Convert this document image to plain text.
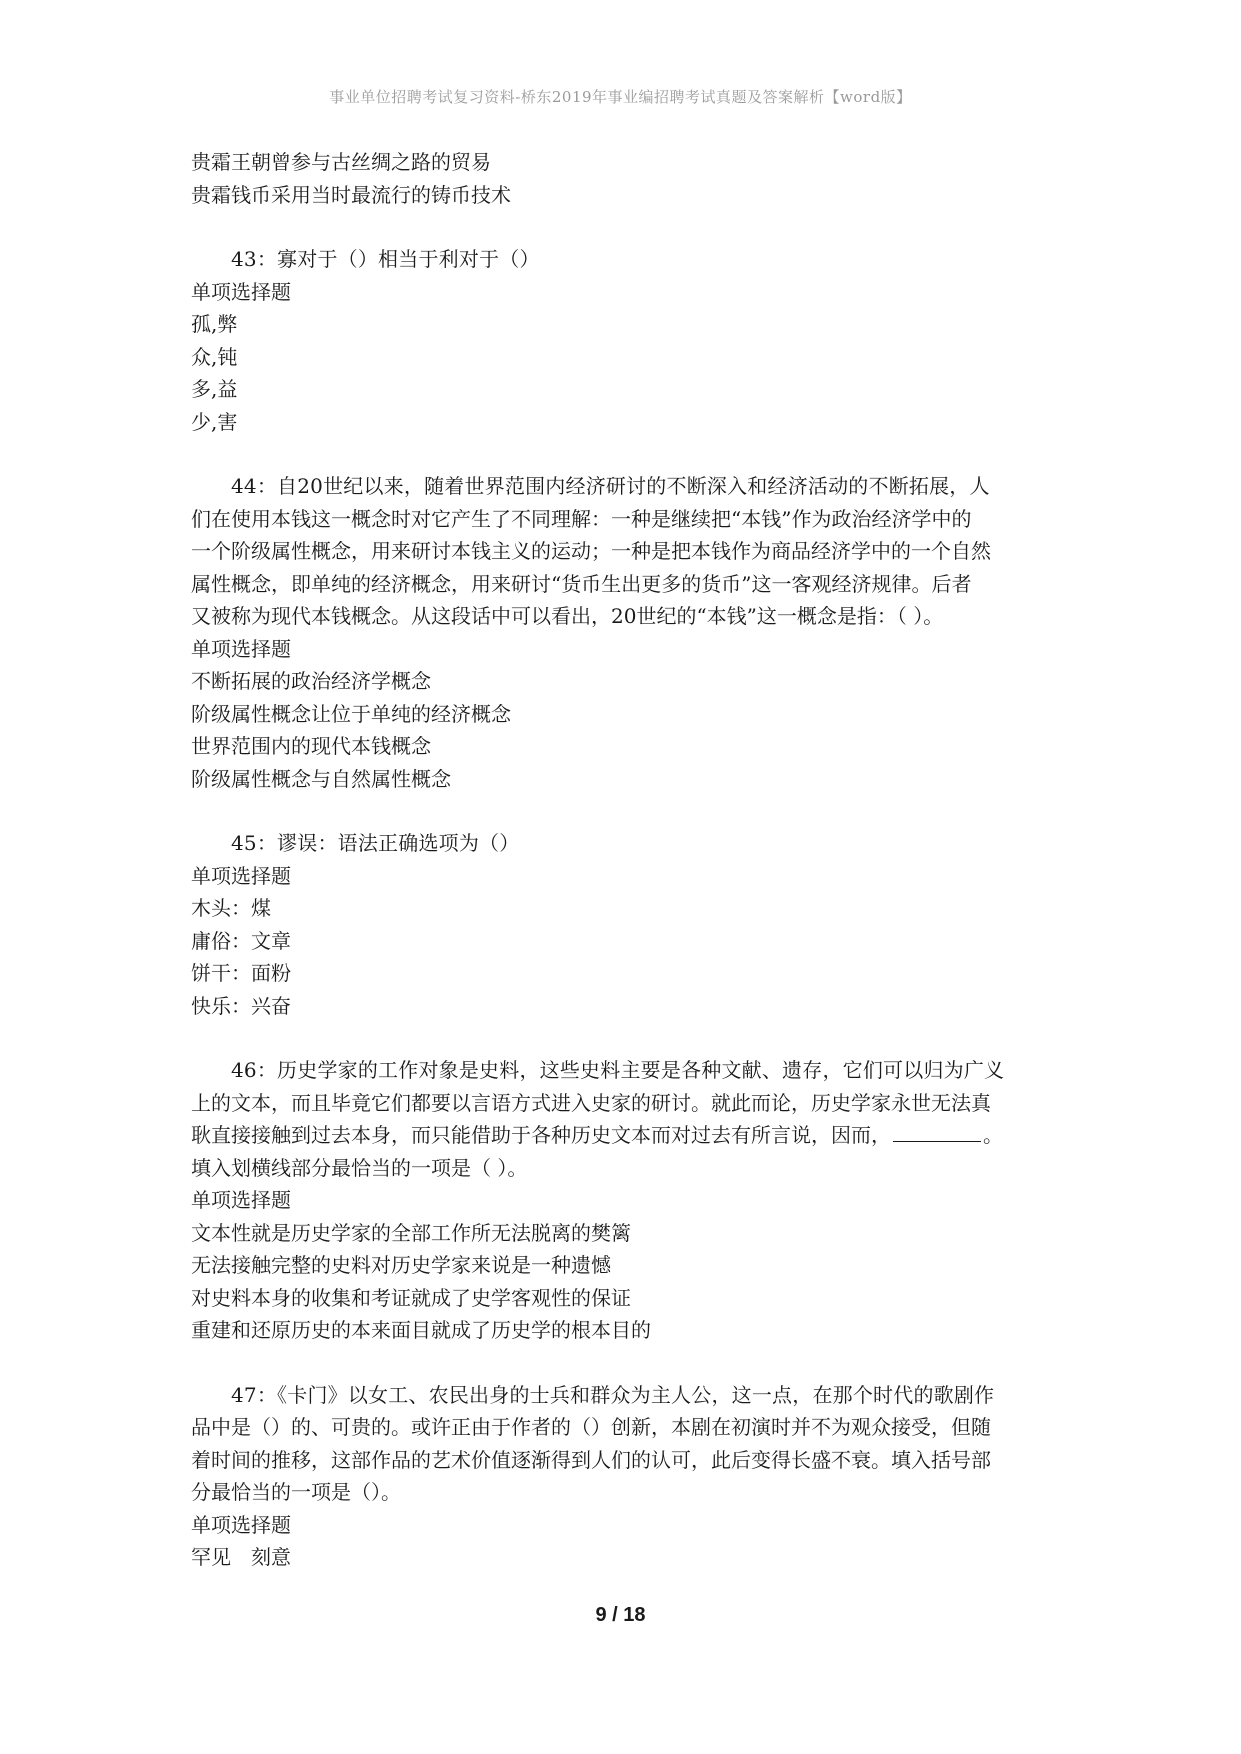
事业单位招聘考试复习资料-桥东2019年事业编招聘考试真题及答案解析【word版】
贵霜王朝曾参与古丝绸之路的贸易
贵霜钱币采用当时最流行的铸币技术
43：寡对于（）相当于利对于（）
单项选择题
孤,弊
众,钝
多,益
少,害
44：自20世纪以来，随着世界范围内经济研讨的不断深入和经济活动的不断拓展，人
们在使用本钱这一概念时对它产生了不同理解：一种是继续把“本钱”作为政治经济学中的
一个阶级属性概念，用来研讨本钱主义的运动；一种是把本钱作为商品经济学中的一个自然
属性概念，即单纯的经济概念，用来研讨“货币生出更多的货币”这一客观经济规律。后者
又被称为现代本钱概念。从这段话中可以看出，20世纪的“本钱”这一概念是指：（ ）。
单项选择题
不断拓展的政治经济学概念
阶级属性概念让位于单纯的经济概念
世界范围内的现代本钱概念
阶级属性概念与自然属性概念
45：谬误：语法正确选项为（）
单项选择题
木头：煤
庸俗：文章
饼干：面粉
快乐：兴奋
46：历史学家的工作对象是史料，这些史料主要是各种文献、遗存，它们可以归为广义
上的文本，而且毕竟它们都要以言语方式进入史家的研讨。就此而论，历史学家永世无法真
耿直接接触到过去本身，而只能借助于各种历史文本而对过去有所言说，因而，	。
填入划横线部分最恰当的一项是（ ）。
单项选择题
文本性就是历史学家的全部工作所无法脱离的樊篱
无法接触完整的史料对历史学家来说是一种遗憾
对史料本身的收集和考证就成了史学客观性的保证
重建和还原历史的本来面目就成了历史学的根本目的
47：《卡门》以女工、农民出身的士兵和群众为主人公，这一点，在那个时代的歌剧作
品中是（）的、可贵的。或许正由于作者的（）创新，本剧在初演时并不为观众接受，但随
着时间的推移，这部作品的艺术价值逐渐得到人们的认可，此后变得长盛不衰。填入括号部
分最恰当的一项是（）。
单项选择题
罕见　刻意
9 / 18
